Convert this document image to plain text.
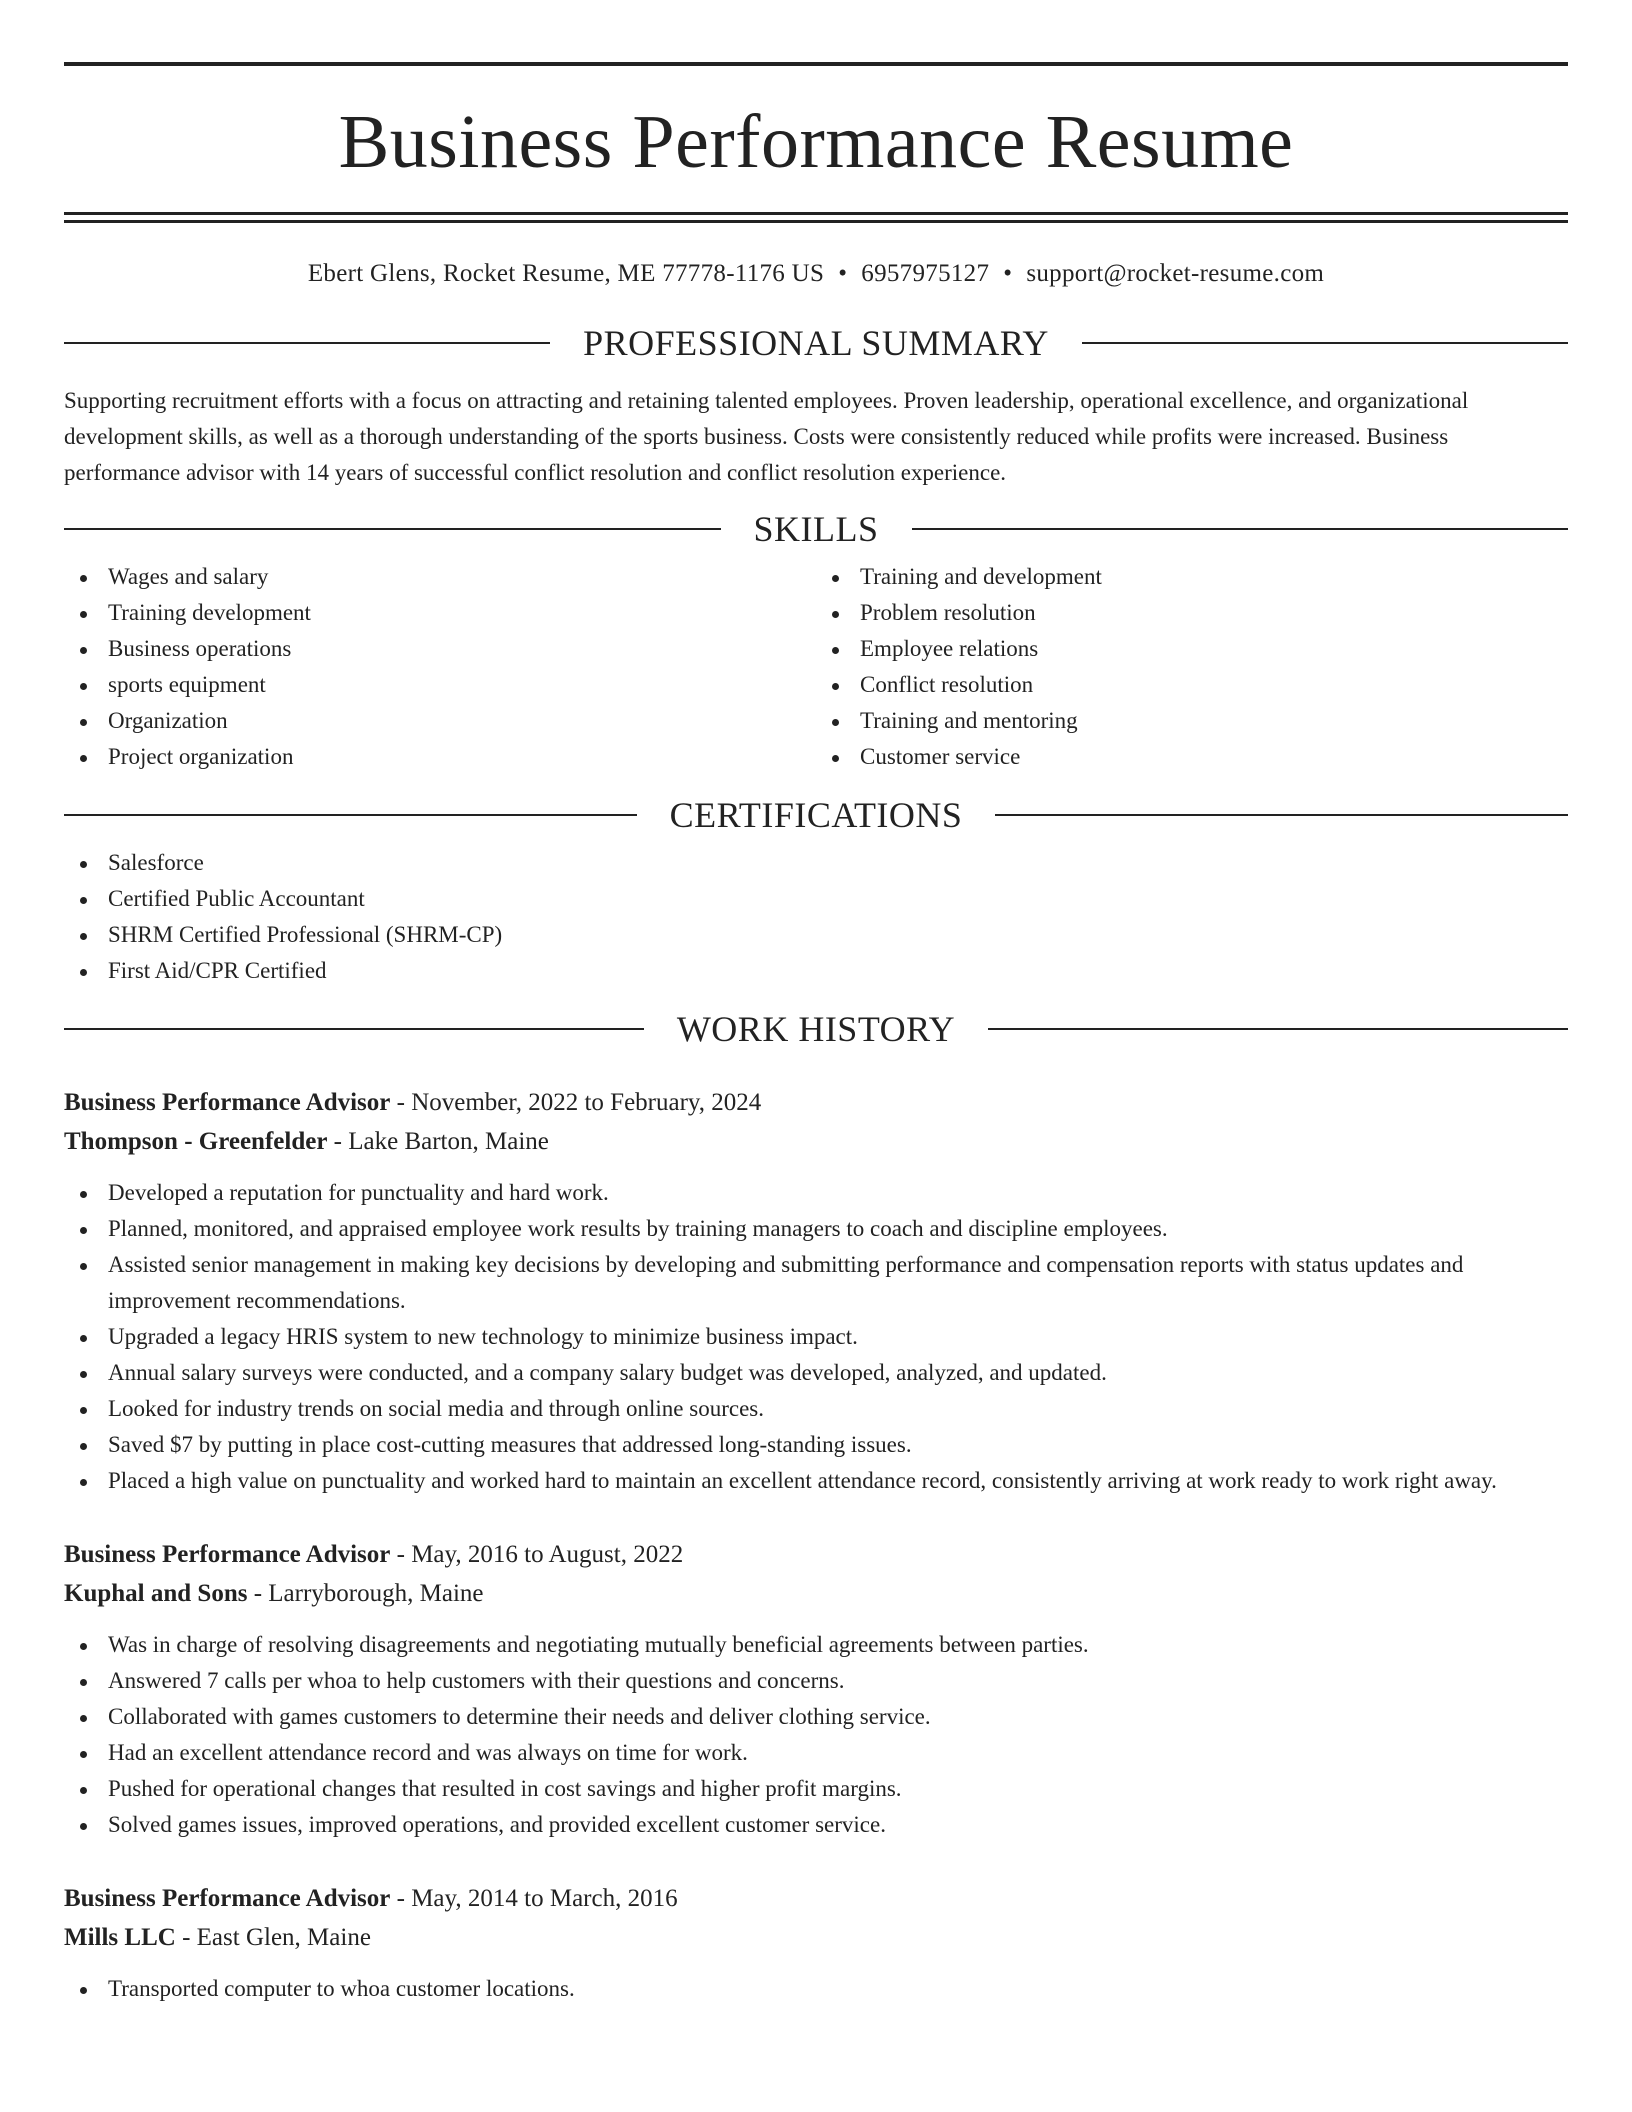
Business Performance Resume
Ebert Glens, Rocket Resume, ME 77778-1176 US • 6957975127 • support@rocket-resume.com
PROFESSIONAL SUMMARY

Supporting recruitment efforts with a focus on attracting and retaining talented employees. Proven leadership, operational excellence, and organizational development skills, as well as a thorough understanding of the sports business. Costs were consistently reduced while profits were increased. Business performance advisor with 14 years of successful conflict resolution and conflict resolution experience.

SKILLS
Wages and salary
Training development
Business operations
sports equipment
Organization
Project organization
Training and development
Problem resolution
Employee relations
Conflict resolution
Training and mentoring
Customer service
CERTIFICATIONS
Salesforce
Certified Public Accountant
SHRM Certified Professional (SHRM-CP)
First Aid/CPR Certified
WORK HISTORY
Business Performance Advisor - November, 2022 to February, 2024
Thompson - Greenfelder - Lake Barton, Maine
Developed a reputation for punctuality and hard work.
Planned, monitored, and appraised employee work results by training managers to coach and discipline employees.
Assisted senior management in making key decisions by developing and submitting performance and compensation reports with status updates and improvement recommendations.
Upgraded a legacy HRIS system to new technology to minimize business impact.
Annual salary surveys were conducted, and a company salary budget was developed, analyzed, and updated.
Looked for industry trends on social media and through online sources.
Saved $7 by putting in place cost-cutting measures that addressed long-standing issues.
Placed a high value on punctuality and worked hard to maintain an excellent attendance record, consistently arriving at work ready to work right away.
Business Performance Advisor - May, 2016 to August, 2022
Kuphal and Sons - Larryborough, Maine
Was in charge of resolving disagreements and negotiating mutually beneficial agreements between parties.
Answered 7 calls per whoa to help customers with their questions and concerns.
Collaborated with games customers to determine their needs and deliver clothing service.
Had an excellent attendance record and was always on time for work.
Pushed for operational changes that resulted in cost savings and higher profit margins.
Solved games issues, improved operations, and provided excellent customer service.
Business Performance Advisor - May, 2014 to March, 2016
Mills LLC - East Glen, Maine
Transported computer to whoa customer locations.
